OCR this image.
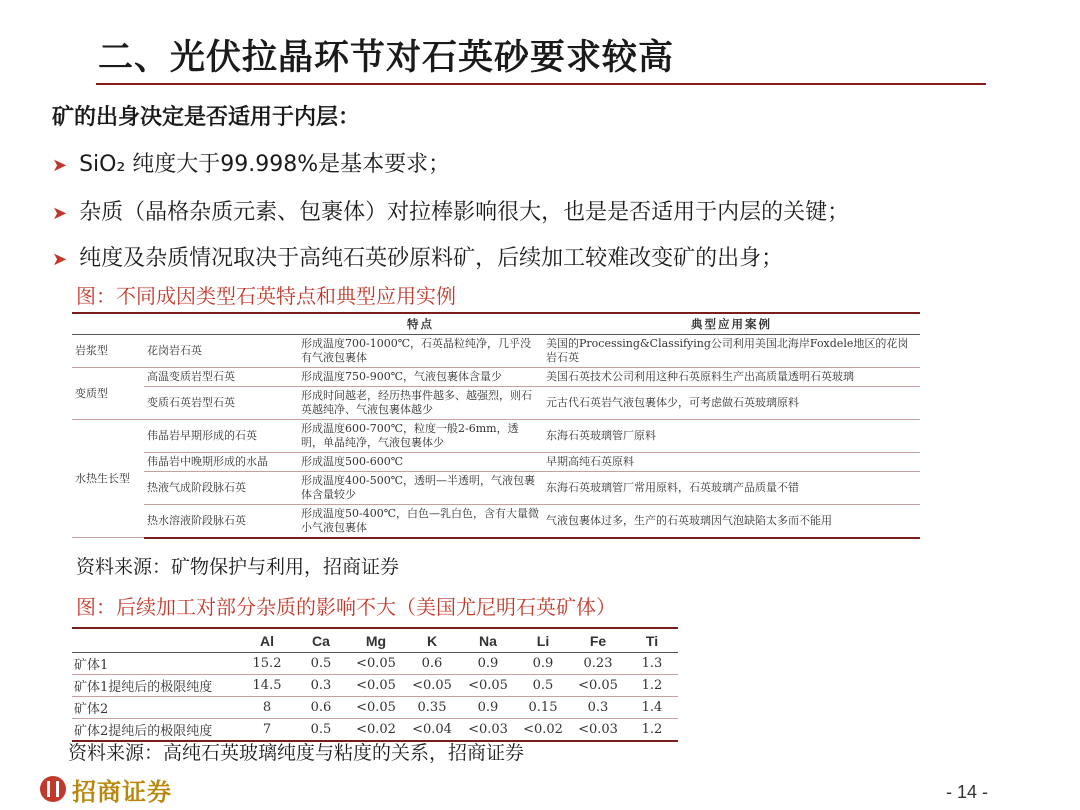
二、光伏拉晶环节对石英砂要求较高
矿的出身决定是否适用于内层：
➤ SiO₂ 纯度大于99.998%是基本要求；
➤ 杂质（晶格杂质元素、包裹体）对拉棒影响很大，也是是否适用于内层的关键；
➤ 纯度及杂质情况取决于高纯石英砂原料矿，后续加工较难改变矿的出身；
图：不同成因类型石英特点和典型应用实例
		特点	典型应用案例
岩浆型	花岗岩石英	形成温度700-1000℃，石英晶粒纯净，几乎没有气液包裹体	美国的Processing&Classifying公司利用美国北海岸Foxdele地区的花岗岩石英
变质型	高温变质岩型石英	形成温度750-900℃，气液包裹体含量少	美国石英技术公司利用这种石英原料生产出高质量透明石英玻璃
	变质石英岩型石英	形成时间越老，经历热事件越多、越强烈，则石英越纯净、气液包裹体越少	元古代石英岩气液包裹体少，可考虑做石英玻璃原料
水热生长型	伟晶岩早期形成的石英	形成温度600-700℃，粒度一般2-6mm，透明，单晶纯净，气液包裹体少	东海石英玻璃管厂原料
	伟晶岩中晚期形成的水晶	形成温度500-600℃	早期高纯石英原料
	热液气成阶段脉石英	形成温度400-500℃，透明—半透明，气液包裹体含量较少	东海石英玻璃管厂常用原料，石英玻璃产品质量不错
	热水溶液阶段脉石英	形成温度50-400℃，白色—乳白色，含有大量微小气液包裹体	气液包裹体过多，生产的石英玻璃因气泡缺陷太多而不能用
资料来源：矿物保护与利用，招商证券
图：后续加工对部分杂质的影响不大（美国尤尼明石英矿体）
	Al	Ca	Mg	K	Na	Li	Fe	Ti
矿体1	15.2	0.5	<0.05	0.6	0.9	0.9	0.23	1.3
矿体1提纯后的极限纯度	14.5	0.3	<0.05	<0.05	<0.05	0.5	<0.05	1.2
矿体2	8	0.6	<0.05	0.35	0.9	0.15	0.3	1.4
矿体2提纯后的极限纯度	7	0.5	<0.02	<0.04	<0.03	<0.02	<0.03	1.2
资料来源：高纯石英玻璃纯度与粘度的关系，招商证券
招商证券	- 14 -
